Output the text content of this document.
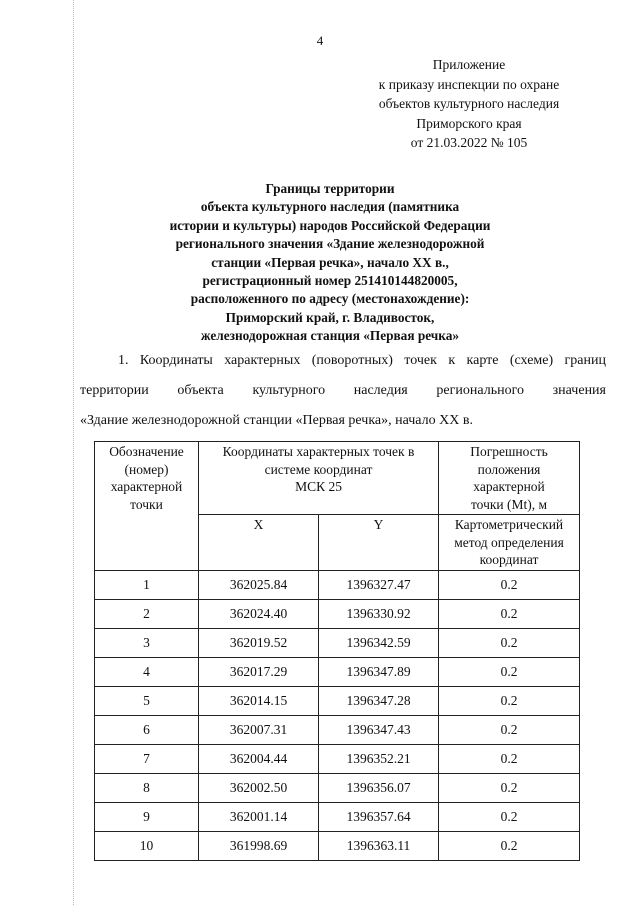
4
Приложение
к приказу инспекции по охране
объектов культурного наследия
Приморского края
от 21.03.2022 № 105
Границы территории
объекта культурного наследия (памятника
истории и культуры) народов Российской Федерации
регионального значения «Здание железнодорожной
станции «Первая речка», начало XX в.,
регистрационный номер 251410144820005,
расположенного по адресу (местонахождение):
Приморский край, г. Владивосток,
железнодорожная станция «Первая речка»
1. Координаты характерных (поворотных) точек к карте (схеме) границ
территории объекта культурного наследия регионального значения
«Здание железнодорожной станции «Первая речка», начало XX в.
Обозначение
(номер)
характерной
точки	Координаты характерных точек в
системе координат
МСК 25		Погрешность
положения
характерной
точки (Mt), м
	X	Y	Картометрический
метод определения
координат
1	362025.84	1396327.47	0.2
2	362024.40	1396330.92	0.2
3	362019.52	1396342.59	0.2
4	362017.29	1396347.89	0.2
5	362014.15	1396347.28	0.2
6	362007.31	1396347.43	0.2
7	362004.44	1396352.21	0.2
8	362002.50	1396356.07	0.2
9	362001.14	1396357.64	0.2
10	361998.69	1396363.11	0.2
